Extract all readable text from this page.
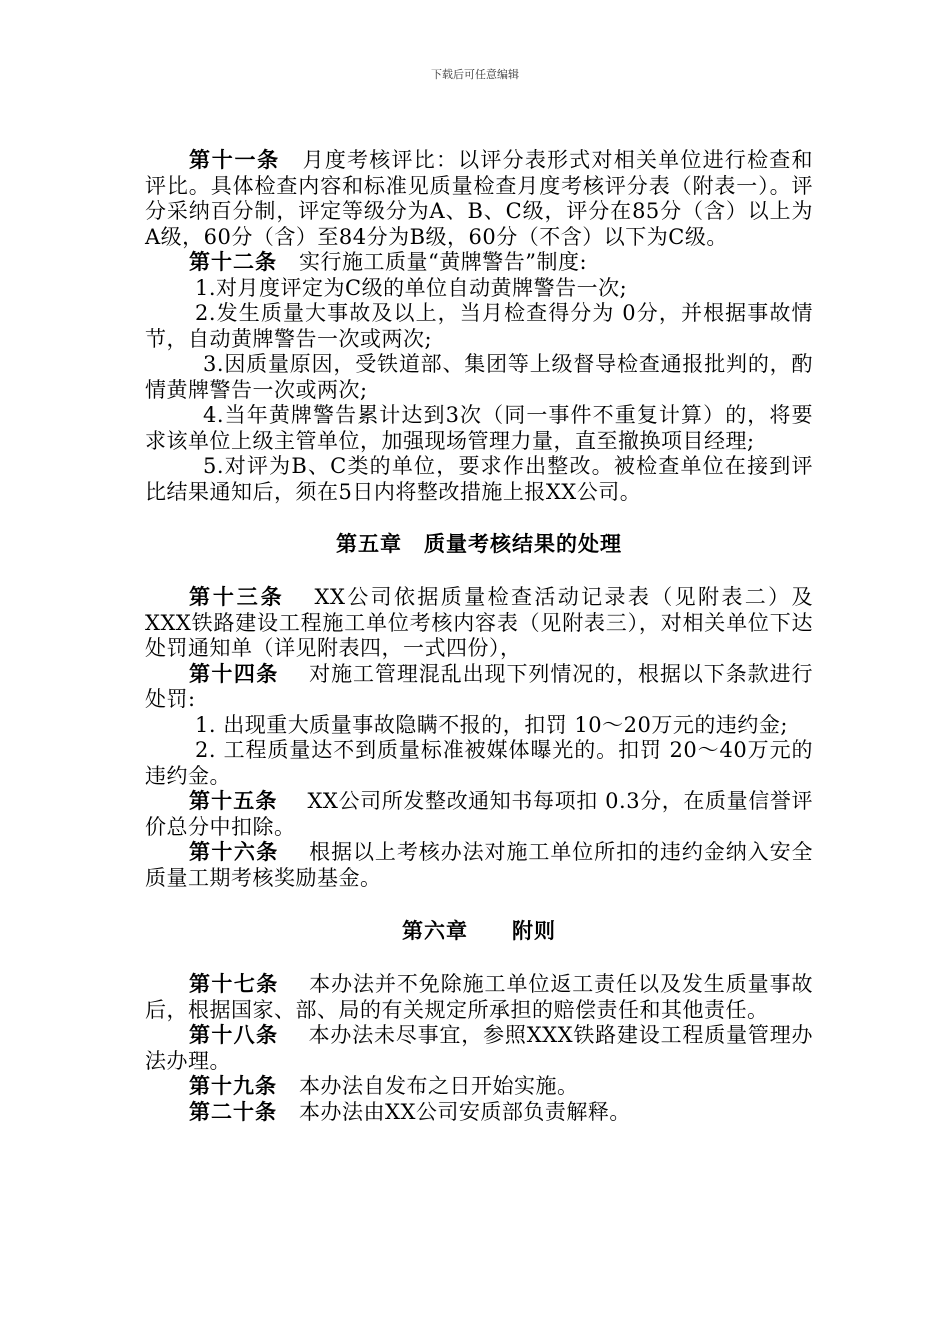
下载后可任意编辑

第十一条 月度考核评比：以评分表形式对相关单位进行检查和评比。具体检查内容和标准见质量检查月度考核评分表（附表一）。评分采纳百分制，评定等级分为A、B、C级，评分在85分（含）以上为A级，60分（含）至84分为B级，60分（不含）以下为C级。

第十二条 实行施工质量“黄牌警告”制度:

1.对月度评定为C级的单位自动黄牌警告一次;

2.发生质量大事故及以上，当月检查得分为 0分，并根据事故情节，自动黄牌警告一次或两次;

3.因质量原因，受铁道部、集团等上级督导检查通报批判的，酌情黄牌警告一次或两次;

4.当年黄牌警告累计达到3次（同一事件不重复计算）的，将要求该单位上级主管单位，加强现场管理力量，直至撤换项目经理;

5.对评为B、C类的单位，要求作出整改。被检查单位在接到评比结果通知后，须在5日内将整改措施上报XX公司。

第五章　质量考核结果的处理

第十三条 XX公司依据质量检查活动记录表（见附表二）及XXX铁路建设工程施工单位考核内容表（见附表三），对相关单位下达处罚通知单（详见附表四，一式四份），

第十四条 对施工管理混乱出现下列情况的，根据以下条款进行处罚:

1. 出现重大质量事故隐瞒不报的，扣罚 10～20万元的违约金;

2. 工程质量达不到质量标准被媒体曝光的。扣罚 20～40万元的违约金。

第十五条 XX公司所发整改通知书每项扣 0.3分，在质量信誉评价总分中扣除。

第十六条 根据以上考核办法对施工单位所扣的违约金纳入安全质量工期考核奖励基金。

第六章　　附则

第十七条 本办法并不免除施工单位返工责任以及发生质量事故后，根据国家、部、局的有关规定所承担的赔偿责任和其他责任。

第十八条 本办法未尽事宜，参照XXX铁路建设工程质量管理办法办理。

第十九条 本办法自发布之日开始实施。

第二十条 本办法由XX公司安质部负责解释。
